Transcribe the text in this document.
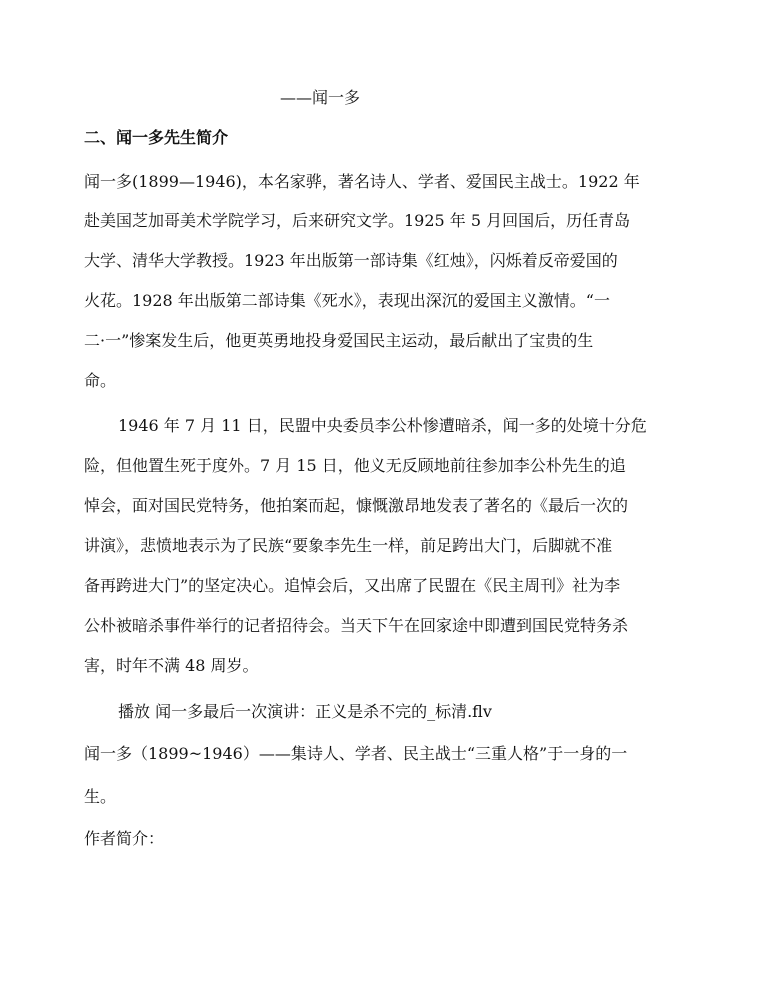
——闻一多
二、闻一多先生简介
闻一多(1899—1946)，本名家骅，著名诗人、学者、爱国民主战士。1922 年
赴美国芝加哥美术学院学习，后来研究文学。1925 年 5 月回国后，历任青岛
大学、清华大学教授。1923 年出版第一部诗集《红烛》，闪烁着反帝爱国的
火花。1928 年出版第二部诗集《死水》，表现出深沉的爱国主义激情。“一
二·一”惨案发生后，他更英勇地投身爱国民主运动，最后献出了宝贵的生
命。
1946 年 7 月 11 日，民盟中央委员李公朴惨遭暗杀，闻一多的处境十分危
险，但他置生死于度外。7 月 15 日，他义无反顾地前往参加李公朴先生的追
悼会，面对国民党特务，他拍案而起，慷慨激昂地发表了著名的《最后一次的
讲演》，悲愤地表示为了民族“要象李先生一样，前足跨出大门，后脚就不准
备再跨进大门”的坚定决心。追悼会后，又出席了民盟在《民主周刊》社为李
公朴被暗杀事件举行的记者招待会。当天下午在回家途中即遭到国民党特务杀
害，时年不满 48 周岁。
播放 闻一多最后一次演讲：正义是杀不完的_标清.flv
闻一多（1899~1946）——集诗人、学者、民主战士“三重人格”于一身的一
生。
作者简介：
